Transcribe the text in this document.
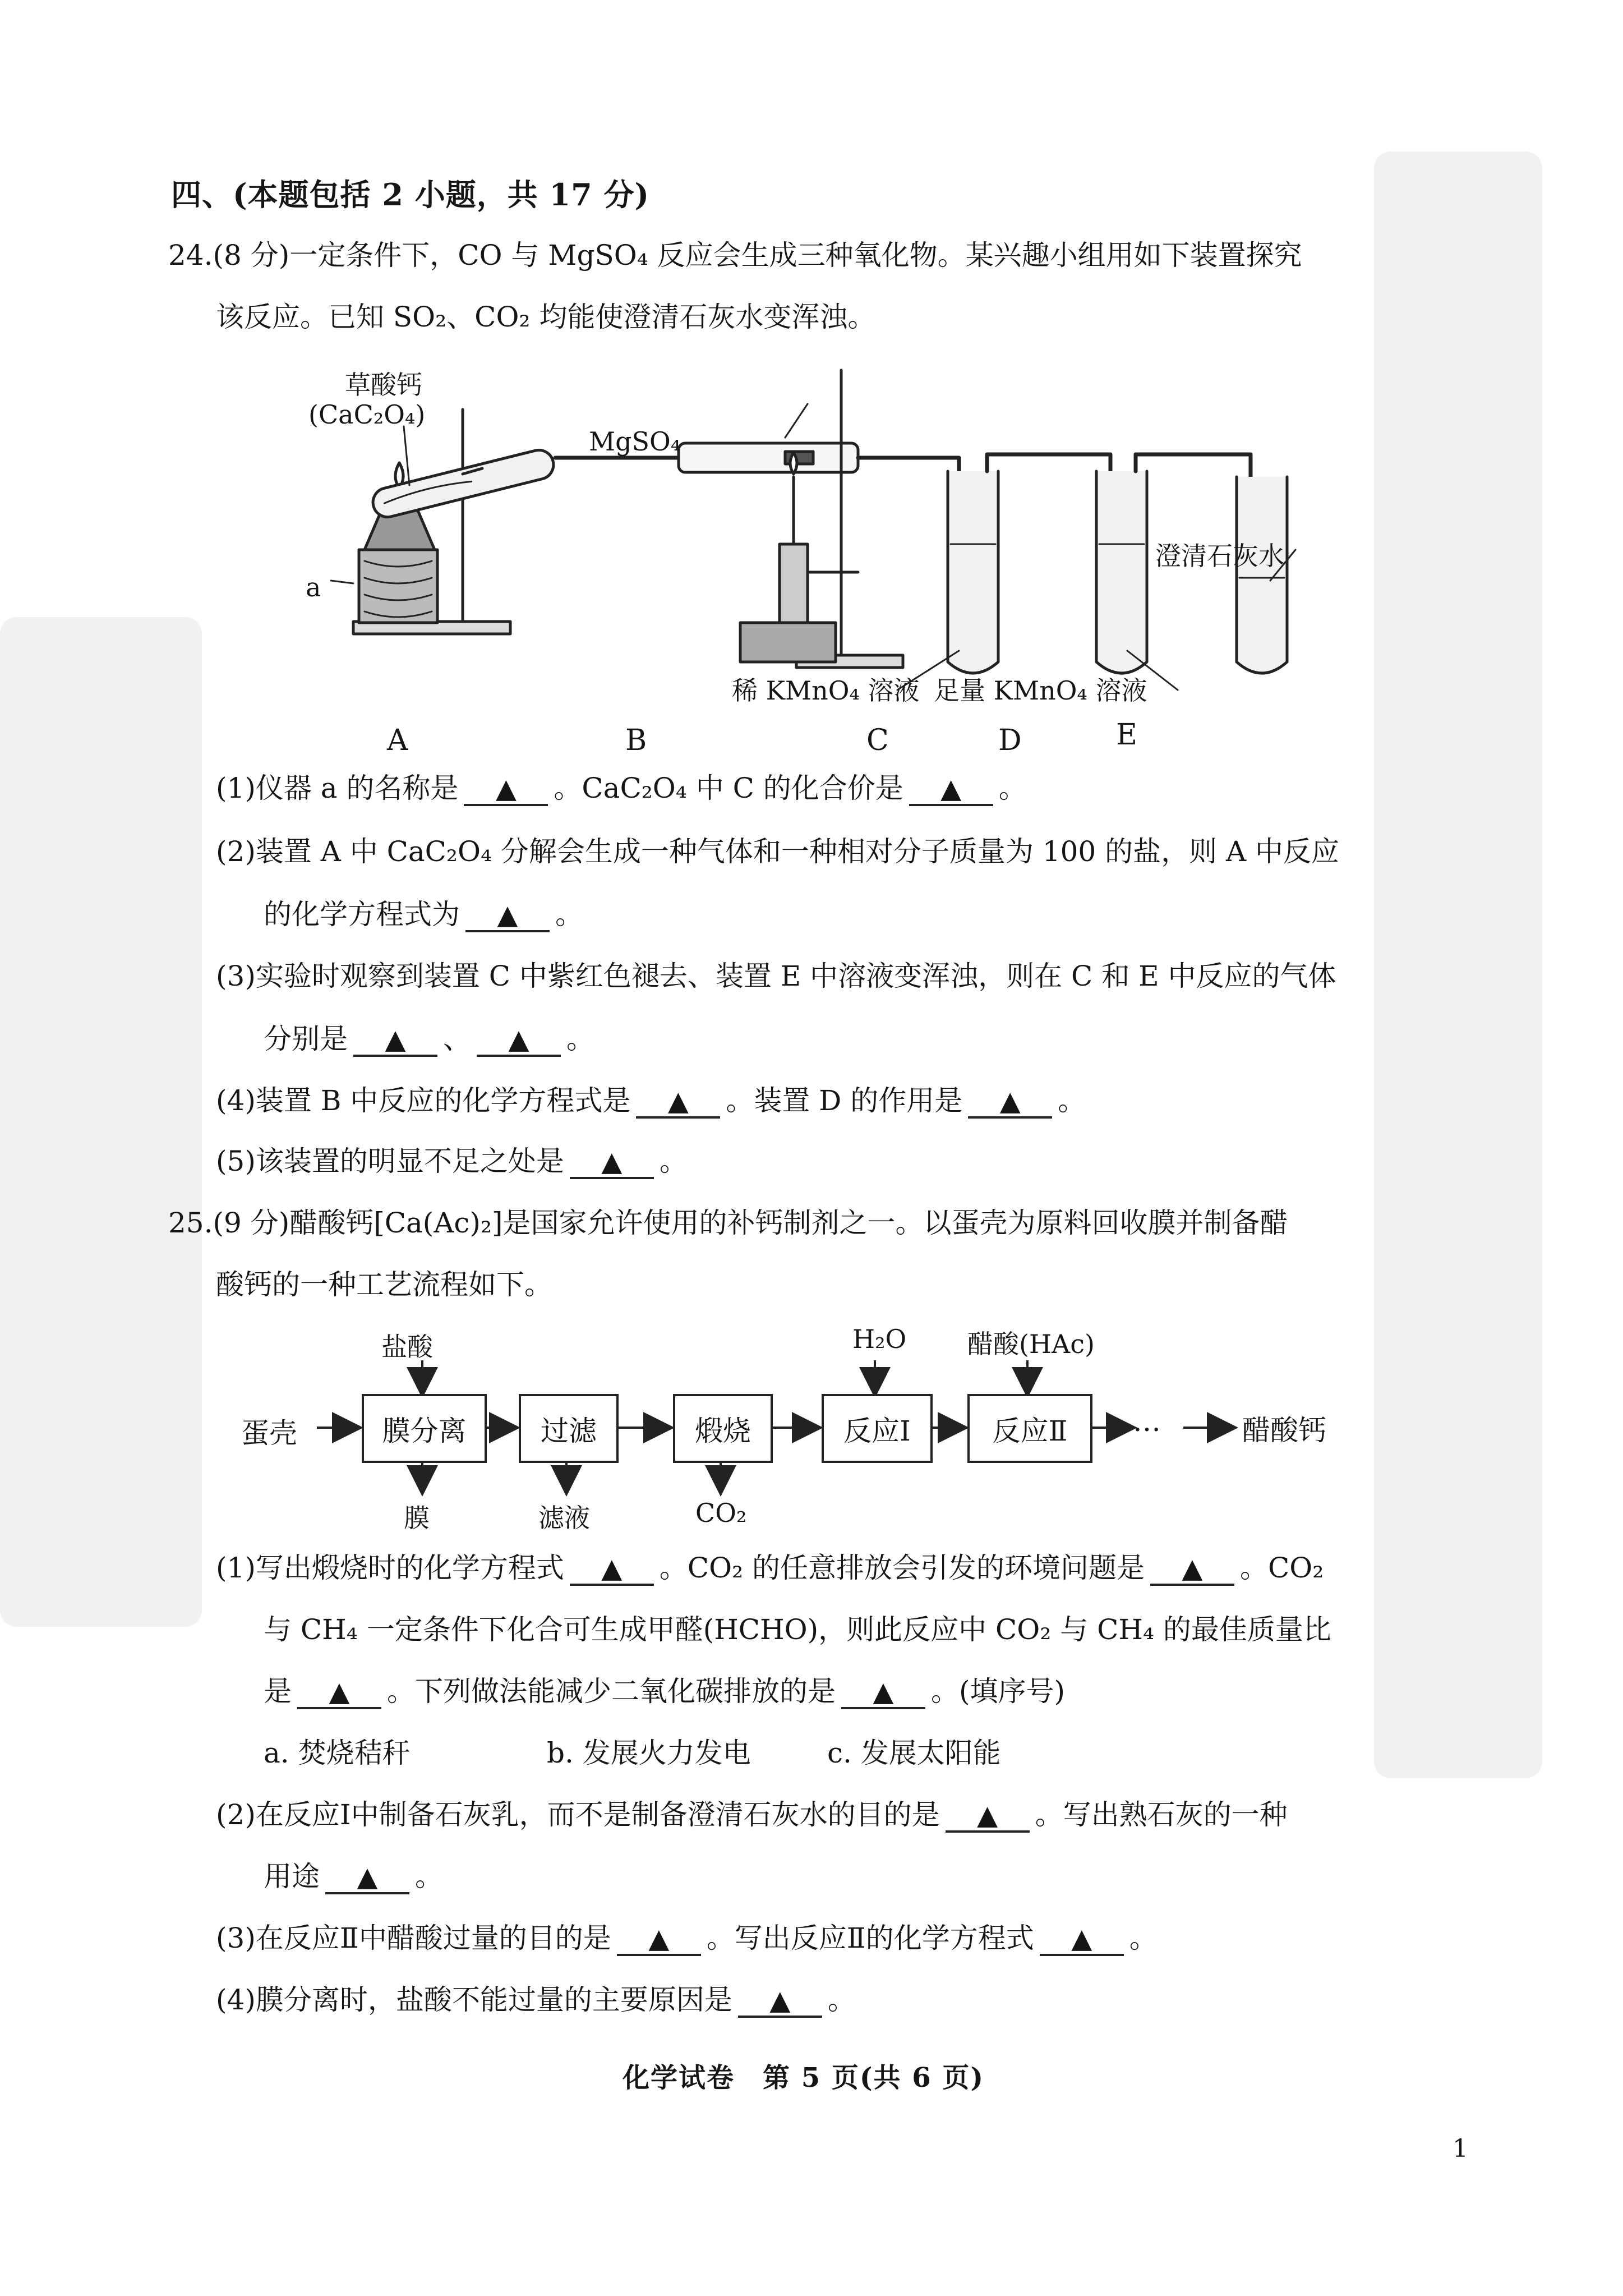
四、(本题包括 2 小题，共 17 分)
24.(8 分)一定条件下，CO 与 MgSO₄ 反应会生成三种氧化物。某兴趣小组用如下装置探究
该反应。已知 SO₂、CO₂ 均能使澄清石灰水变浑浊。
草酸钙
(CaC₂O₄)
MgSO₄
a
澄清石灰水
稀 KMnO₄ 溶液 足量 KMnO₄ 溶液
A	B	C	D	E
(1)仪器 a 的名称是 ▲ 。CaC₂O₄ 中 C 的化合价是 ▲ 。
(2)装置 A 中 CaC₂O₄ 分解会生成一种气体和一种相对分子质量为 100 的盐，则 A 中反应
的化学方程式为 ▲ 。
(3)实验时观察到装置 C 中紫红色褪去、装置 E 中溶液变浑浊，则在 C 和 E 中反应的气体
分别是 ▲ 、 ▲ 。
(4)装置 B 中反应的化学方程式是 ▲ 。装置 D 的作用是 ▲ 。
(5)该装置的明显不足之处是 ▲ 。
25.(9 分)醋酸钙[Ca(Ac)₂]是国家允许使用的补钙制剂之一。以蛋壳为原料回收膜并制备醋
酸钙的一种工艺流程如下。
蛋壳	膜分离	过滤	煅烧	反应Ⅰ	反应Ⅱ	…	醋酸钙
盐酸	H₂O 醋酸(HAc)
膜	滤液	CO₂
(1)写出煅烧时的化学方程式 ▲ 。CO₂ 的任意排放会引发的环境问题是 ▲ 。CO₂
与 CH₄ 一定条件下化合可生成甲醛(HCHO)，则此反应中 CO₂ 与 CH₄ 的最佳质量比
是 ▲ 。下列做法能减少二氧化碳排放的是 ▲ 。(填序号)
a. 焚烧秸秆	b. 发展火力发电	c. 发展太阳能
(2)在反应Ⅰ中制备石灰乳，而不是制备澄清石灰水的目的是 ▲ 。写出熟石灰的一种
用途 ▲ 。
(3)在反应Ⅱ中醋酸过量的目的是 ▲ 。写出反应Ⅱ的化学方程式 ▲ 。
(4)膜分离时，盐酸不能过量的主要原因是 ▲ 。
化学试卷　第 5 页(共 6 页)
1
